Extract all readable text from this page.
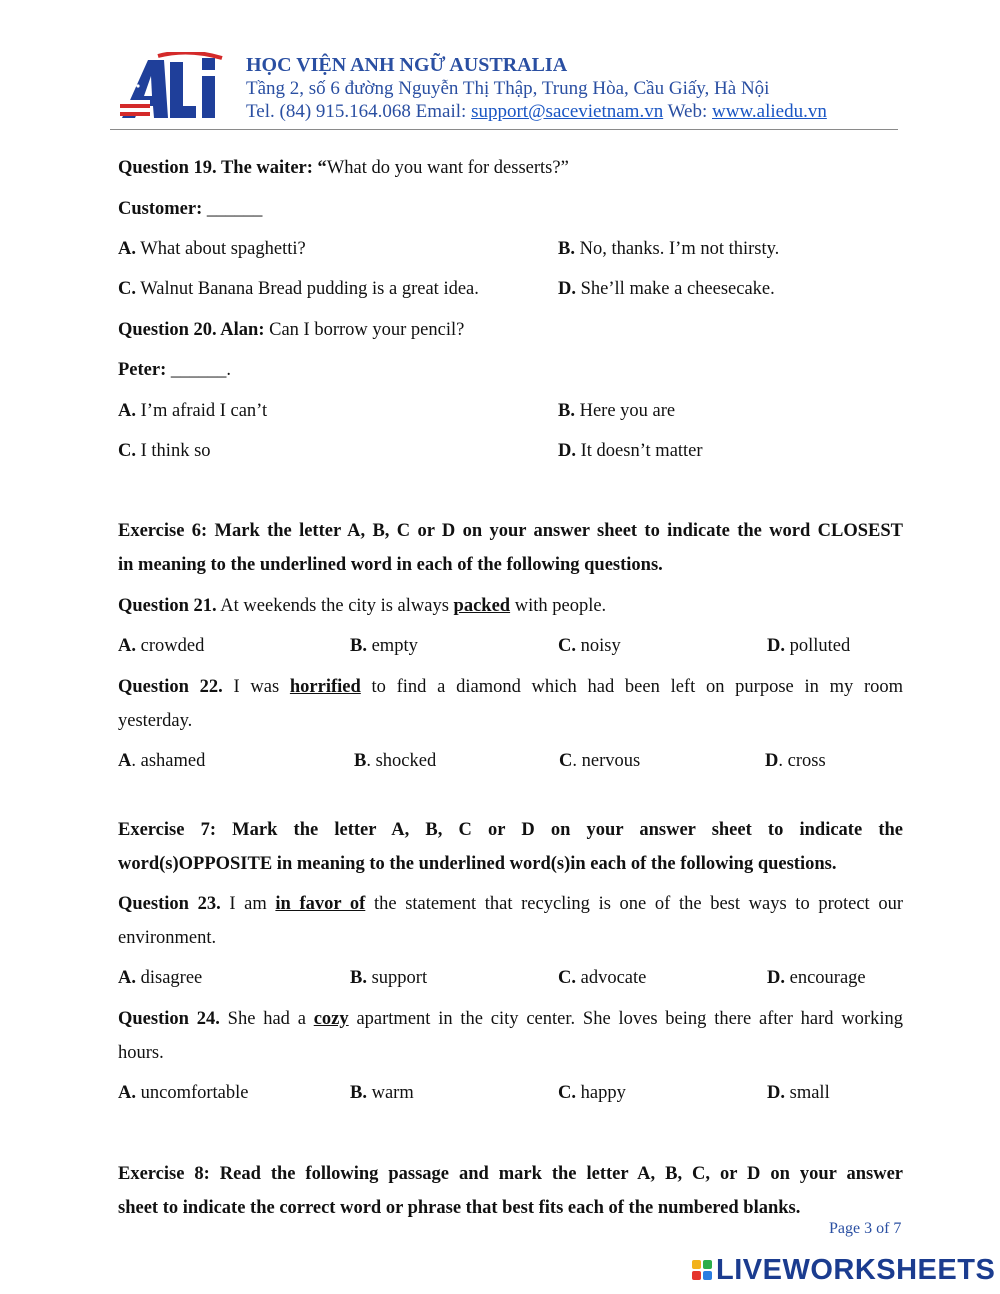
ALi
HỌC VIỆN ANH NGỮ AUSTRALIA
Tầng 2, số 6 đường Nguyễn Thị Thập, Trung Hòa, Cầu Giấy, Hà Nội
Tel. (84) 915.164.068 Email: support@sacevietnam.vn Web: www.aliedu.vn
Question 19. The waiter: “What do you want for desserts?”
Customer: ______
A. What about spaghetti?	B. No, thanks. I’m not thirsty.
C. Walnut Banana Bread pudding is a great idea.	D. She’ll make a cheesecake.
Question 20. Alan: Can I borrow your pencil?
Peter: ______.
A. I’m afraid I can’t	B. Here you are
C. I think so	D. It doesn’t matter
Exercise 6: Mark the letter A, B, C or D on your answer sheet to indicate the word CLOSEST
in meaning to the underlined word in each of the following questions.
Question 21. At weekends the city is always packed with people.
A. crowded	B. empty	C. noisy	D. polluted
Question 22. I was horrified to find a diamond which had been left on purpose in my room
yesterday.
A. ashamed	B. shocked	C. nervous	D. cross
Exercise 7: Mark the letter A, B, C or D on your answer sheet to indicate the
word(s)OPPOSITE in meaning to the underlined word(s)in each of the following questions.
Question 23. I am in favor of the statement that recycling is one of the best ways to protect our
environment.
A. disagree	B. support	C. advocate	D. encourage
Question 24. She had a cozy apartment in the city center. She loves being there after hard working
hours.
A. uncomfortable	B. warm	C. happy	D. small
Exercise 8: Read the following passage and mark the letter A, B, C, or D on your answer
sheet to indicate the correct word or phrase that best fits each of the numbered blanks.
Page 3 of 7
LIVEWORKSHEETS
